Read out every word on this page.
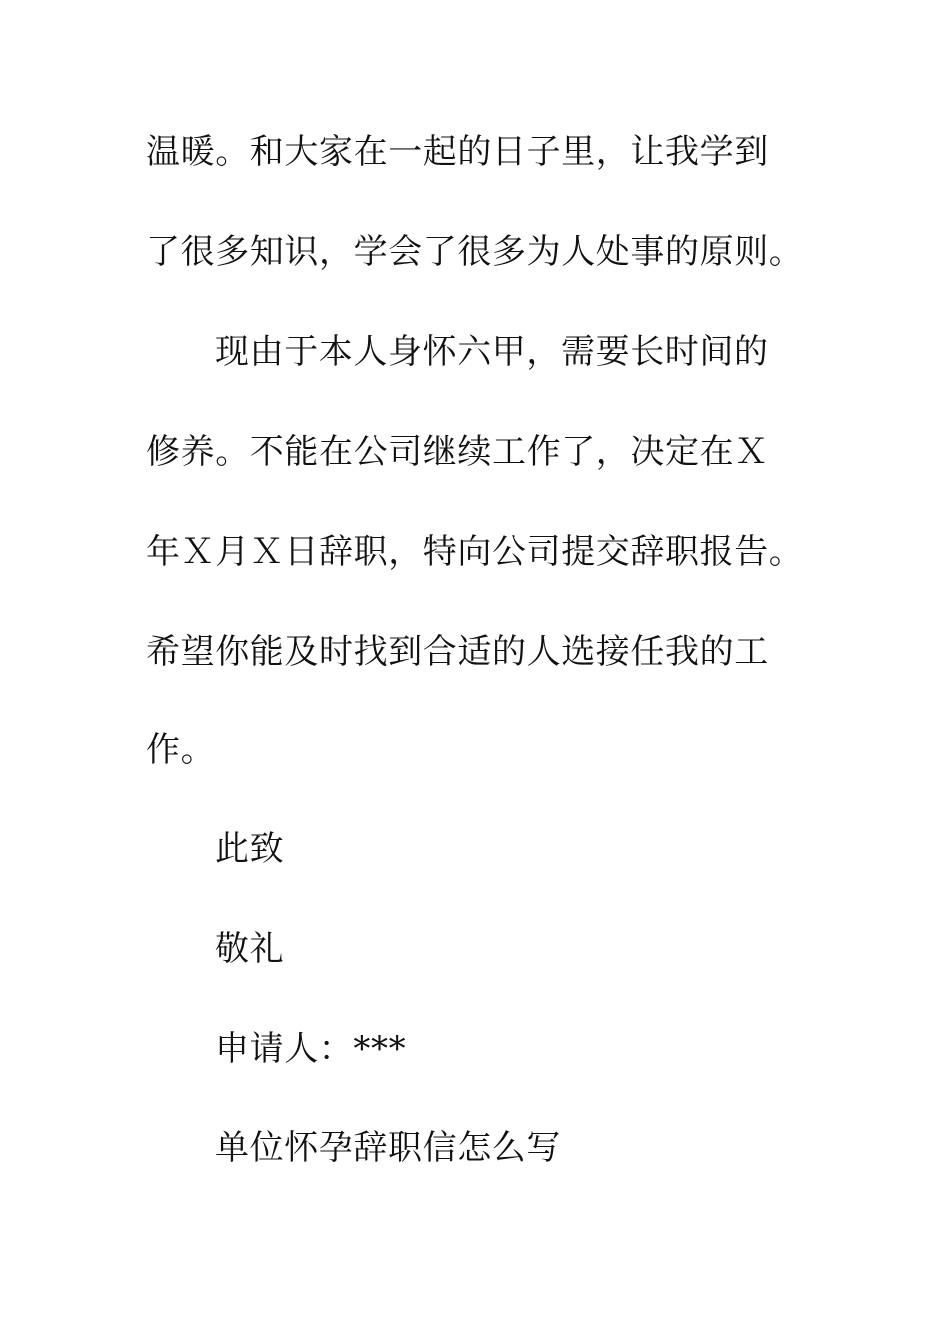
温暖。和大家在一起的日子里，让我学到
了很多知识，学会了很多为人处事的原则。
现由于本人身怀六甲，需要长时间的
修养。不能在公司继续工作了，决定在Ｘ
年Ｘ月Ｘ日辞职，特向公司提交辞职报告。
希望你能及时找到合适的人选接任我的工
作。
此致
敬礼
申请人：***
单位怀孕辞职信怎么写
